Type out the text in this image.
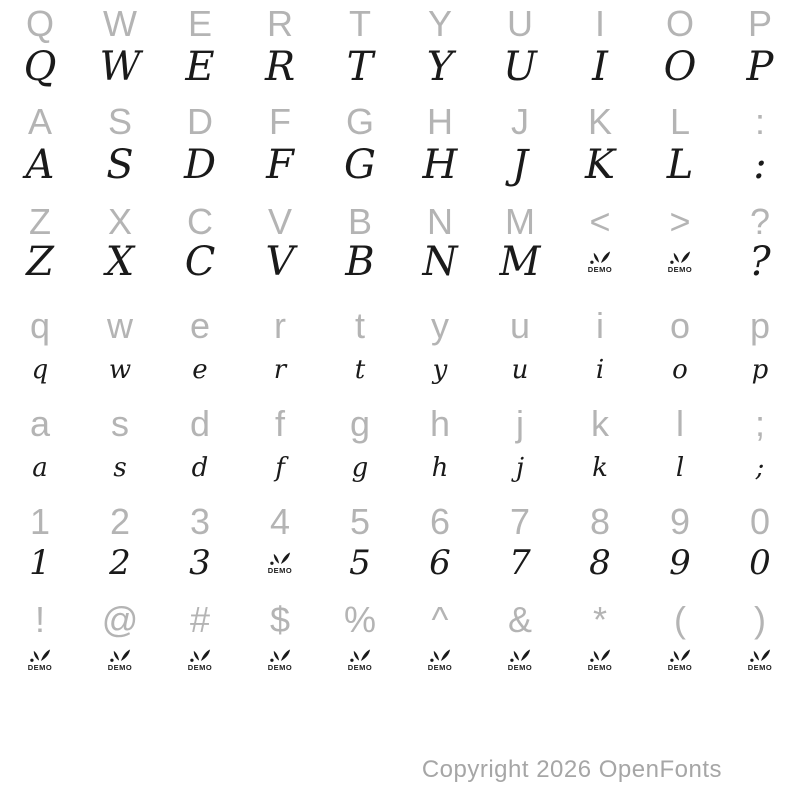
Q W E R T Y U I O P
Q W E R T Y U I O P
A S D F G H J K L :
A S D F G H J K L :
Z X C V B N M < > ?
Z X C V B N M	DEMO	DEMO ?
q w e r t y u i o p
q w e	r	t	y u	i	o p
a s d f g h j k l ;
a	s	d	f	g h	j	k	l	;
1 2 3 4 5 6 7 8 9 0
1 2 3	DEMO 5 6 7 8 9 0
! @ # $ % ^ & * ( )
DEMO	DEMO	DEMO	DEMO	DEMO	DEMO	DEMO	DEMO	DEMO	DEMO
Copyright 2026 OpenFonts
